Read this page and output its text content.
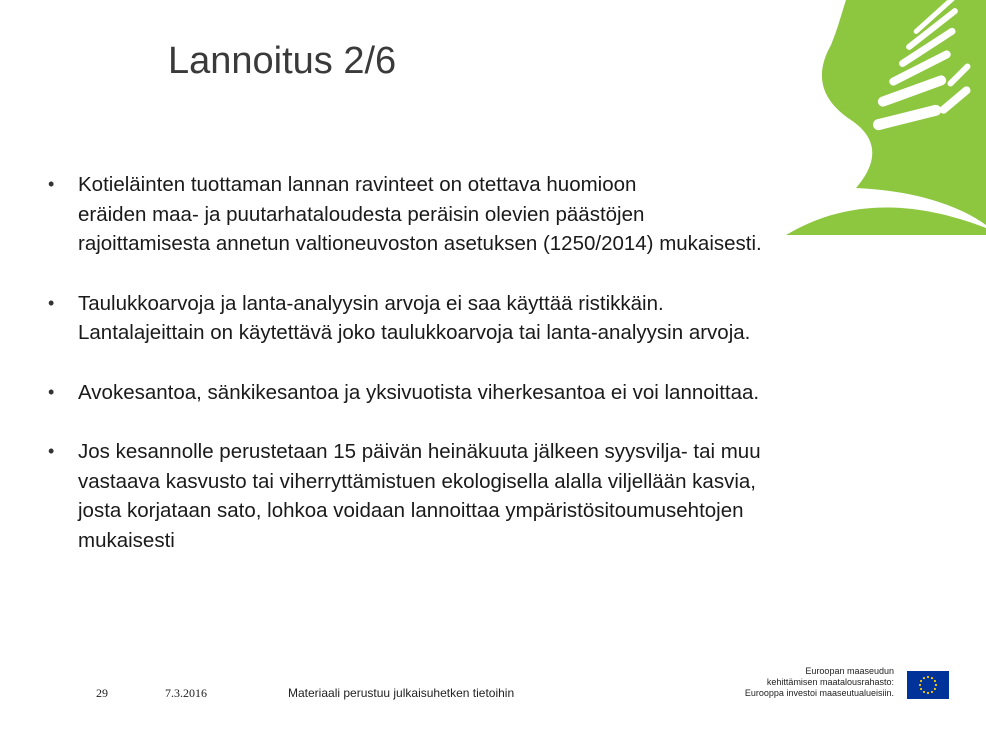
Lannoitus 2/6
• Kotieläinten tuottaman lannan ravinteet on otettava huomioon
eräiden maa- ja puutarhataloudesta peräisin olevien päästöjen
rajoittamisesta annetun valtioneuvoston asetuksen (1250/2014) mukaisesti.
• Taulukkoarvoja ja lanta-analyysin arvoja ei saa käyttää ristikkäin.
Lantalajeittain on käytettävä joko taulukkoarvoja tai lanta-analyysin arvoja.
• Avokesantoa, sänkikesantoa ja yksivuotista viherkesantoa ei voi lannoittaa.
• Jos kesannolle perustetaan 15 päivän heinäkuuta jälkeen syysvilja- tai muu
vastaava kasvusto tai viherryttämistuen ekologisella alalla viljellään kasvia,
josta korjataan sato, lohkoa voidaan lannoittaa ympäristösitoumusehtojen
mukaisesti
29	7.3.2016	Materiaali perustuu julkaisuhetken tietoihin
Euroopan maaseudun
kehittämisen maatalousrahasto:
Eurooppa investoi maaseutualueisiin.
